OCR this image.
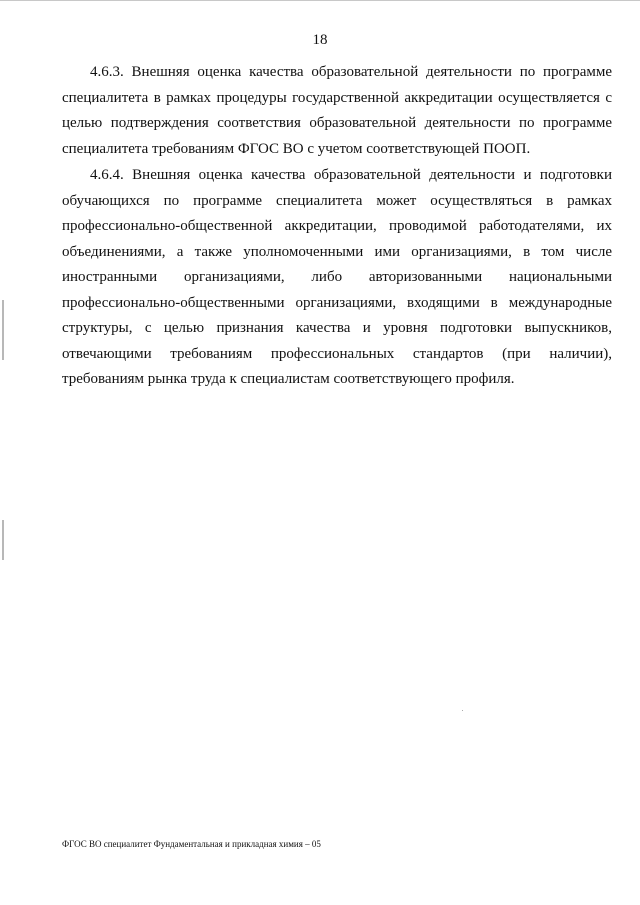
18

4.6.3. Внешняя оценка качества образовательной деятельности по программе специалитета в рамках процедуры государственной аккредитации осуществляется с целью подтверждения соответствия образовательной деятельности по программе специалитета требованиям ФГОС ВО с учетом соответствующей ПООП.

4.6.4. Внешняя оценка качества образовательной деятельности и подготовки обучающихся по программе специалитета может осуществляться в рамках профессионально-общественной аккредитации, проводимой работодателями, их объединениями, а также уполномоченными ими организациями, в том числе иностранными организациями, либо авторизованными национальными профессионально-общественными организациями, входящими в международные структуры, с целью признания качества и уровня подготовки выпускников, отвечающими требованиям профессиональных стандартов (при наличии), требованиям рынка труда к специалистам соответствующего профиля.

ФГОС ВО специалитет Фундаментальная и прикладная химия – 05
